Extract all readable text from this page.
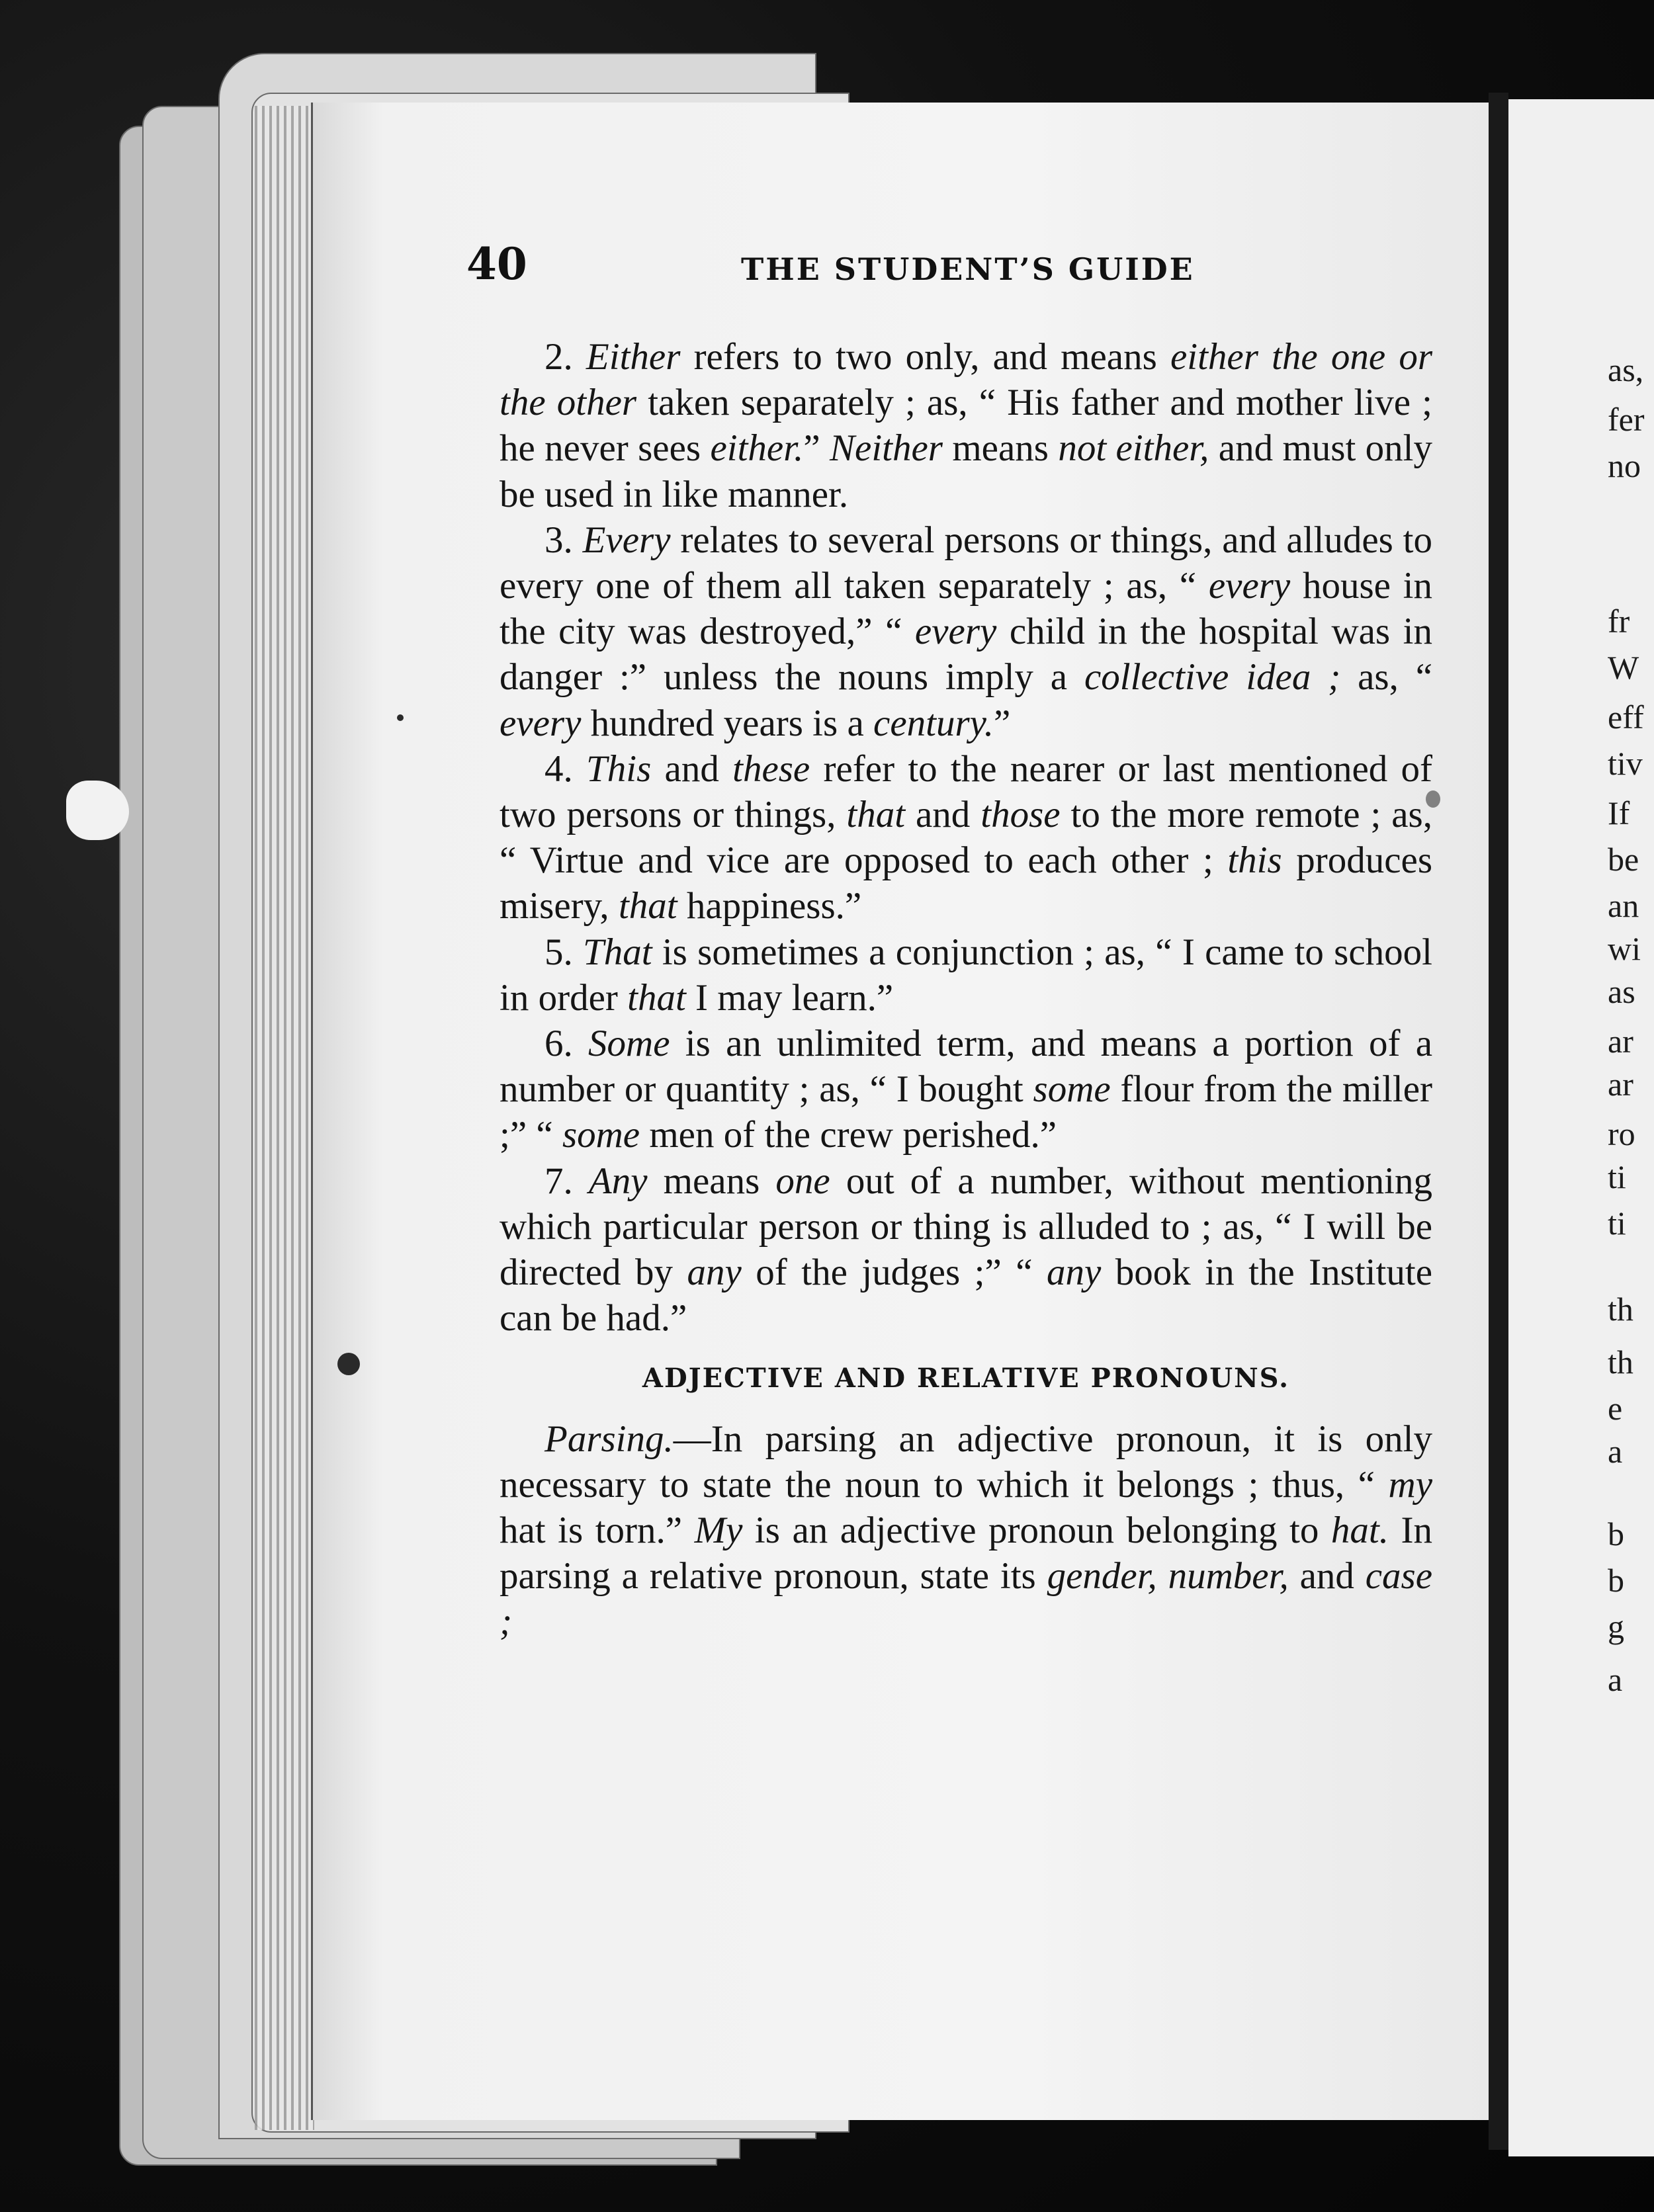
as,
fer
no
fr
W
eff
tiv
If
be
an
wi
as
ar
ar
ro
ti
ti
th
th
e
a
b
b
g
a

40	THE STUDENT’S GUIDE

2. Either refers to two only, and means either the one or the other taken separately ; as, “ His father and mother live ; he never sees either.” Neither means not either, and must only be used in like manner.

3. Every relates to several persons or things, and alludes to every one of them all taken separately ; as, “ every house in the city was destroyed,” “ every child in the hospital was in danger :” unless the nouns imply a collective idea ; as, “ every hundred years is a century.”

4. This and these refer to the nearer or last mentioned of two persons or things, that and those to the more remote ; as, “ Virtue and vice are opposed to each other ; this produces misery, that happiness.”

5. That is sometimes a conjunction ; as, “ I came to school in order that I may learn.”

6. Some is an unlimited term, and means a portion of a number or quantity ; as, “ I bought some flour from the miller ;” “ some men of the crew perished.”

7. Any means one out of a number, without mentioning which particular person or thing is alluded to ; as, “ I will be directed by any of the judges ;” “ any book in the Institute can be had.”

ADJECTIVE AND RELATIVE PRONOUNS.

Parsing.—In parsing an adjective pronoun, it is only necessary to state the noun to which it belongs ; thus, “ my hat is torn.” My is an adjective pronoun belonging to hat. In parsing a relative pronoun, state its gender, number, and case ;
